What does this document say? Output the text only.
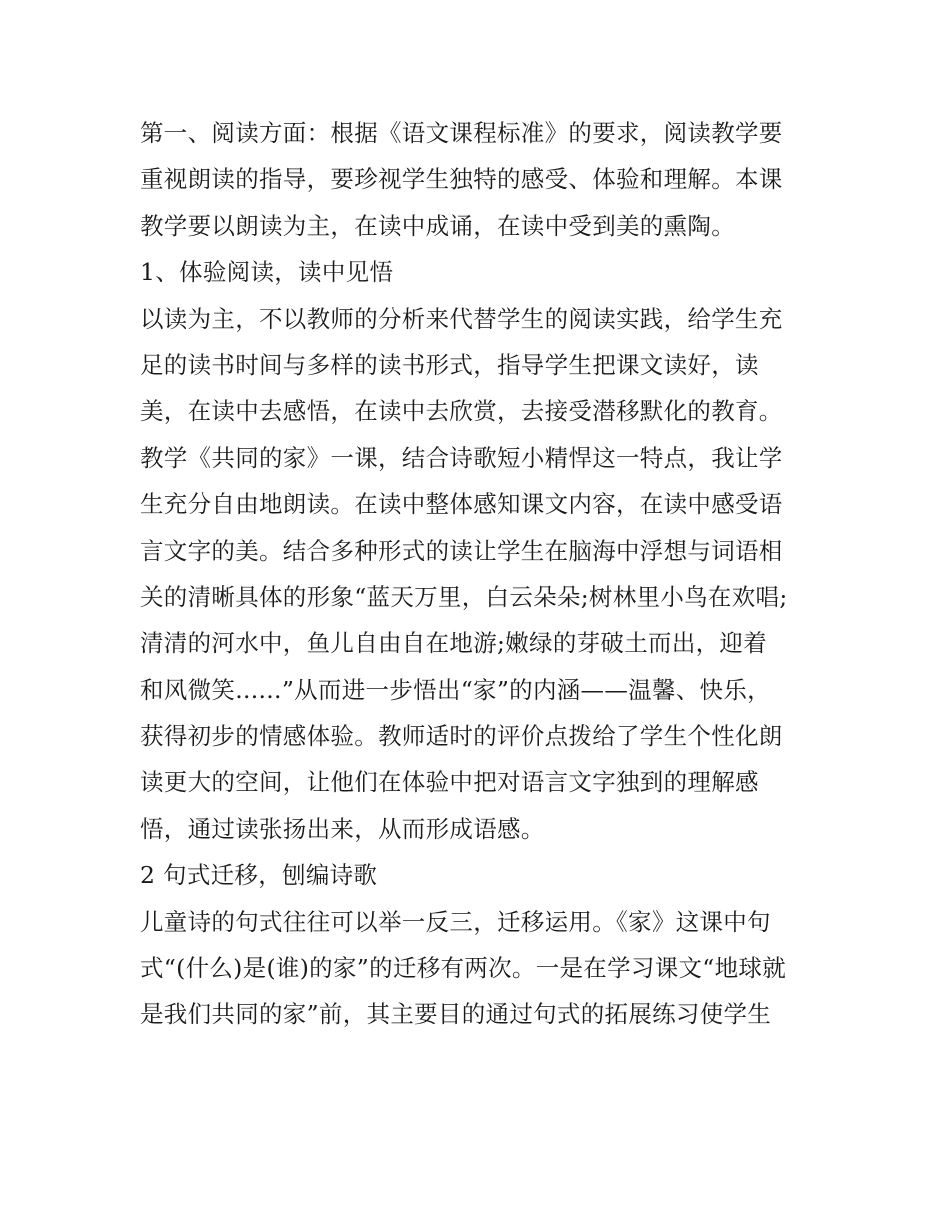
第一、阅读方面：根据《语文课程标准》的要求，阅读教学要
重视朗读的指导，要珍视学生独特的感受、体验和理解。本课
教学要以朗读为主，在读中成诵，在读中受到美的熏陶。
1、体验阅读，读中见悟
以读为主，不以教师的分析来代替学生的阅读实践，给学生充
足的读书时间与多样的读书形式，指导学生把课文读好，读
美，在读中去感悟，在读中去欣赏，去接受潜移默化的教育。
教学《共同的家》一课，结合诗歌短小精悍这一特点，我让学
生充分自由地朗读。在读中整体感知课文内容，在读中感受语
言文字的美。结合多种形式的读让学生在脑海中浮想与词语相
关的清晰具体的形象“蓝天万里，白云朵朵;树林里小鸟在欢唱;
清清的河水中，鱼儿自由自在地游;嫩绿的芽破土而出，迎着
和风微笑......”从而进一步悟出“家”的内涵——温馨、快乐，
获得初步的情感体验。教师适时的评价点拨给了学生个性化朗
读更大的空间，让他们在体验中把对语言文字独到的理解感
悟，通过读张扬出来，从而形成语感。
2 句式迁移，刨编诗歌
儿童诗的句式往往可以举一反三，迁移运用。《家》这课中句
式“(什么)是(谁)的家”的迁移有两次。一是在学习课文“地球就
是我们共同的家”前，其主要目的通过句式的拓展练习使学生
